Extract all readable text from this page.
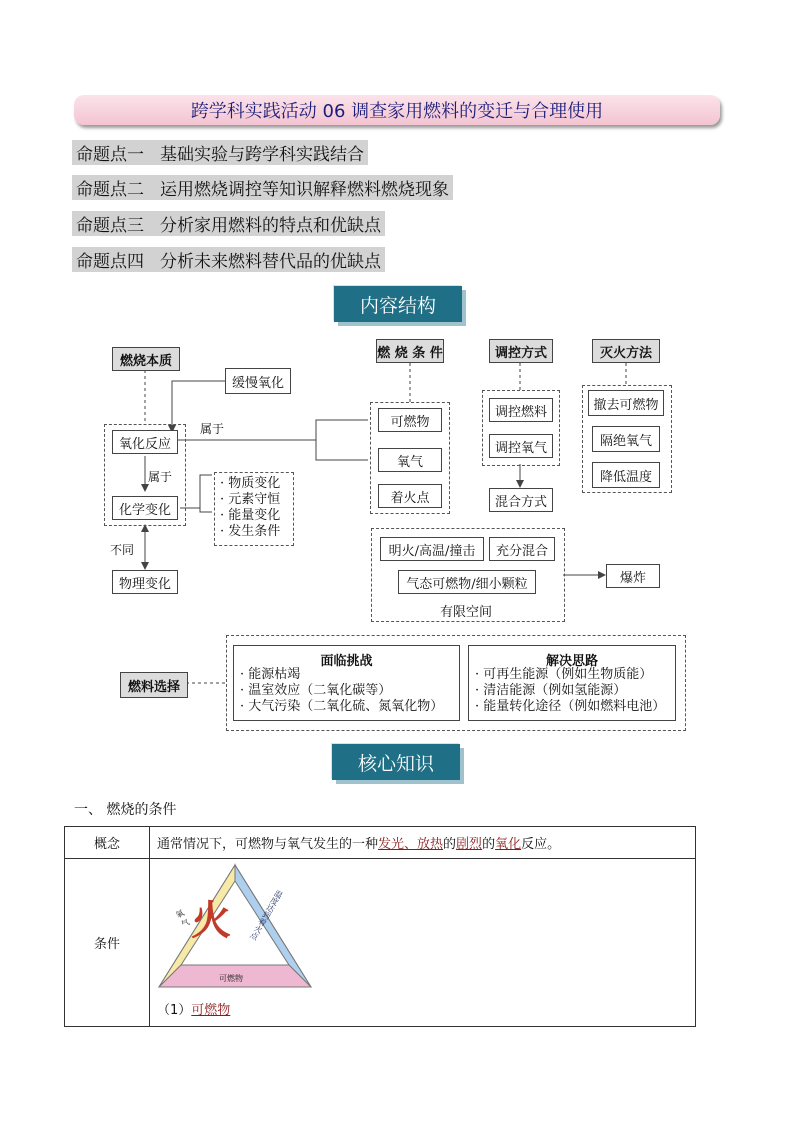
跨学科实践活动 06 调查家用燃料的变迁与合理使用
命题点一 基础实验与跨学科实践结合
命题点二 运用燃烧调控等知识解释燃料燃烧现象
命题点三 分析家用燃料的特点和优缺点
命题点四 分析未来燃料替代品的优缺点
内容结构
燃烧本质
缓慢氧化
属于
氧化反应
属于
化学变化
· 物质变化
· 元素守恒
· 能量变化
· 发生条件
不同
物理变化
燃 烧 条 件
可燃物
氧气
着火点
调控方式
调控燃料
调控氧气
混合方式
灭火方法
撤去可燃物
隔绝氧气
降低温度
明火/高温/撞击 充分混合
气态可燃物/细小颗粒
有限空间
爆炸
燃料选择
面临挑战
· 能源枯竭
· 温室效应（二氧化碳等）
· 大气污染（二氧化硫、氮氧化物）
解决思路
· 可再生能源（例如生物质能）
· 清洁能源（例如氢能源）
· 能量转化途径（例如燃料电池）
核心知识
一、 燃烧的条件
概念	通常情况下，可燃物与氧气发生的一种发光、放热的剧烈的氧化反应。
条件	火
氧 气	温度达到着火点
可燃物
（1）可燃物
